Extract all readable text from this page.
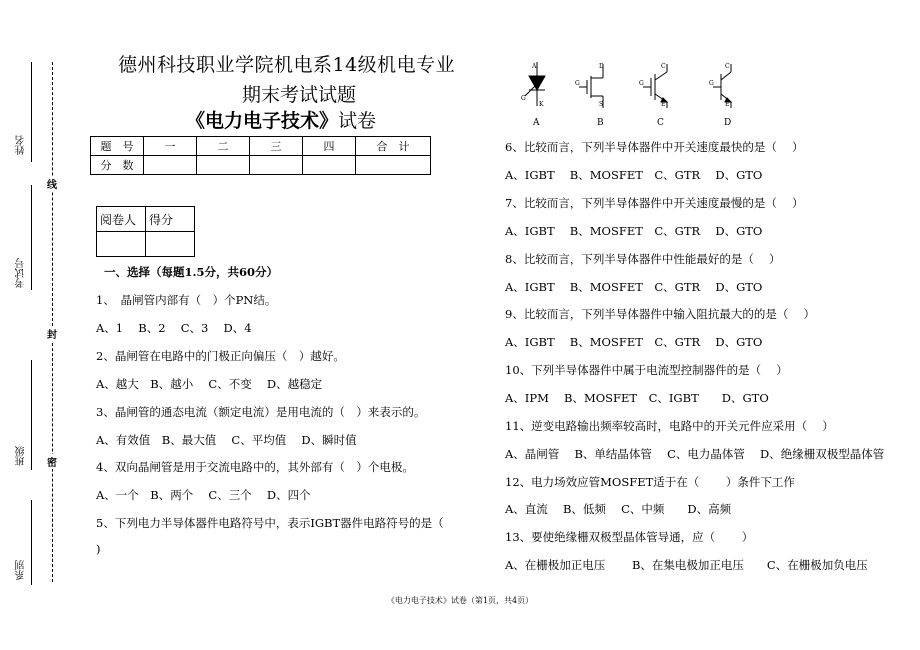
姓名
考试号
班级
系别
线
封
密
德州科技职业学院机电系14级机电专业
期末考试试题
《电力电子技术》试卷
题　号	一	二	三	四	合　计
分　数					
阅卷人	得分

一、选择（每题1.5分，共60分）
1、　晶闸管内部有（　）个PN结。
A、1　 B、2　 C、3　 D、4
2、晶闸管在电路中的门极正向偏压（　）越好。
A、越大　B、越小　 C、不变　 D、越稳定
3、晶闸管的通态电流（额定电流）是用电流的（　）来表示的。
A、有效值　B、最大值　 C、平均值　 D、瞬时值
4、双向晶闸管是用于交流电路中的，其外部有（　）个电极。
A、一个　B、两个　 C、三个　 D、四个
5、下列电力半导体器件电路符号中，表示IGBT器件电路符号的是（
)
A
G
K
D
G
S
C
G
E
C
G
E
A	B	C	D
6、比较而言，下列半导体器件中开关速度最快的是（　 ）
A、IGBT　 B、MOSFET　C、GTR　 D、GTO
7、比较而言，下列半导体器件中开关速度最慢的是（　 ）
A、IGBT　 B、MOSFET　C、GTR　 D、GTO
8、比较而言，下列半导体器件中性能最好的是（　 ）
A、IGBT　 B、MOSFET　C、GTR　 D、GTO
9、比较而言，下列半导体器件中输入阻抗最大的的是（　 ）
A、IGBT　 B、MOSFET　C、GTR　 D、GTO
10、下列半导体器件中属于电流型控制器件的是（　 ）
A、IPM　 B、MOSFET　C、IGBT　　D、GTO
11、逆变电路输出频率较高时，电路中的开关元件应采用（　 ）
A、晶闸管　 B、单结晶体管　 C、电力晶体管　 D、绝缘栅双极型晶体管
12、电力场效应管MOSFET适于在（　　 ）条件下工作
A、直流　 B、低频　 C、中频　　D、高频
13、要使绝缘栅双极型晶体管导通，应（　　 ）
A、在栅极加正电压　　 B、在集电极加正电压　　C、在栅极加负电压
《电力电子技术》试卷（第1页，共4页）
